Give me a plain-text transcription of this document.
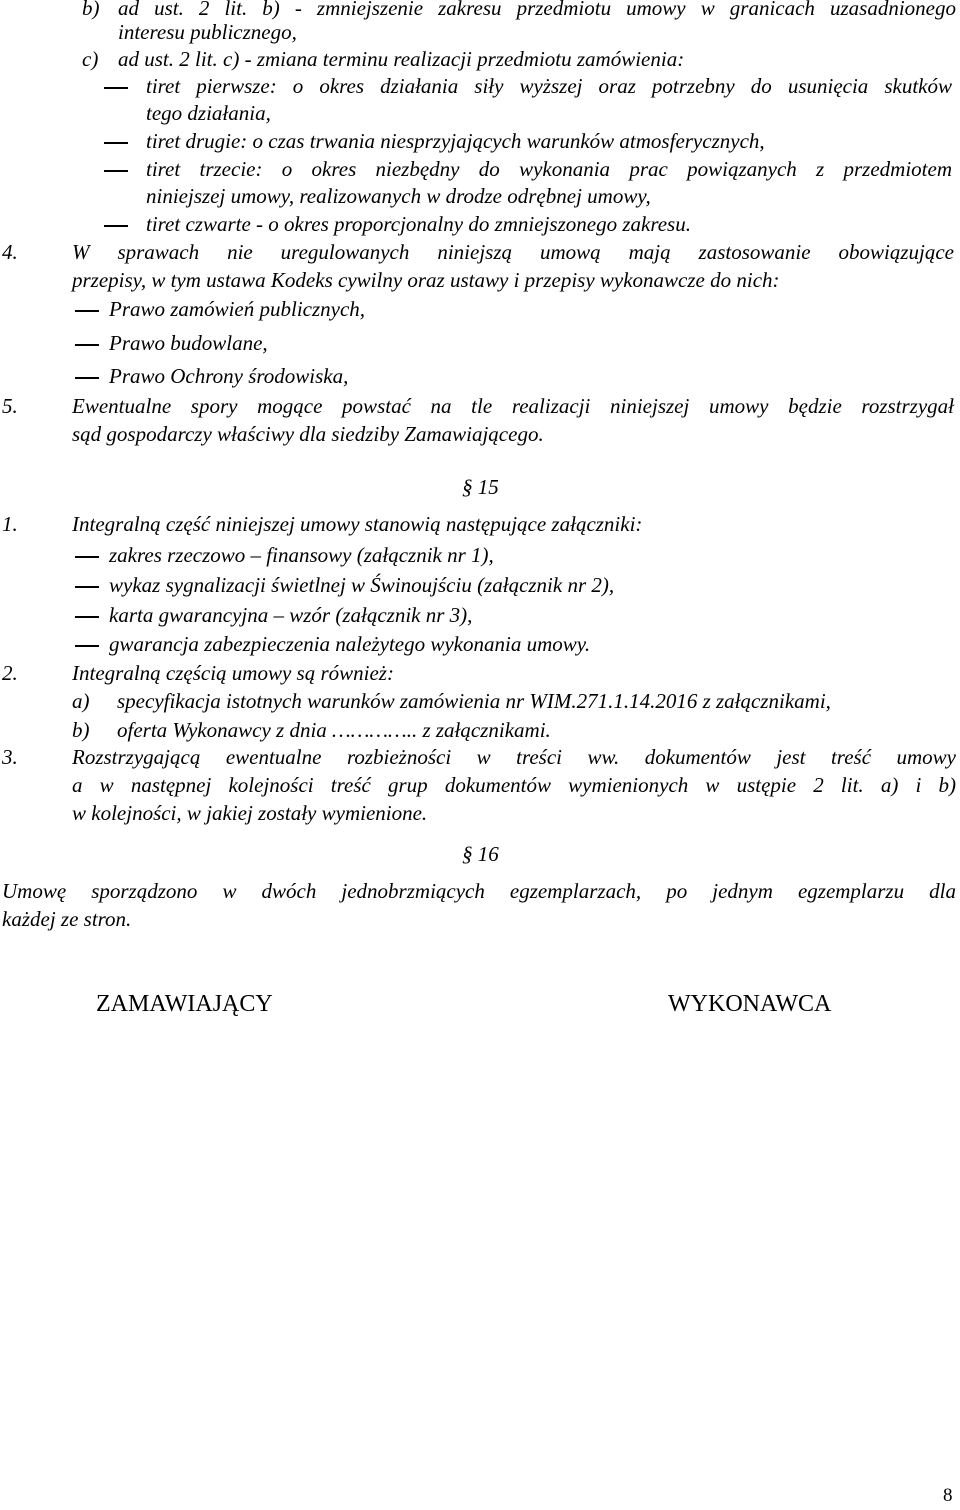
b) ad ust. 2 lit. b) - zmniejszenie zakresu przedmiotu umowy w granicach uzasadnionego
interesu publicznego,
c) ad ust. 2 lit. c) - zmiana terminu realizacji przedmiotu zamówienia:
tiret pierwsze: o okres działania siły wyższej oraz potrzebny do usunięcia skutków
tego działania,
tiret drugie: o czas trwania niesprzyjających warunków atmosferycznych,
tiret trzecie: o okres niezbędny do wykonania prac powiązanych z przedmiotem
niniejszej umowy, realizowanych w drodze odrębnej umowy,
tiret czwarte - o okres proporcjonalny do zmniejszonego zakresu.
4.	W sprawach nie uregulowanych niniejszą umową mają zastosowanie obowiązujące
przepisy, w tym ustawa Kodeks cywilny oraz ustawy i przepisy wykonawcze do nich:
Prawo zamówień publicznych,
Prawo budowlane,
Prawo Ochrony środowiska,
5.	Ewentualne spory mogące powstać na tle realizacji niniejszej umowy będzie rozstrzygał
sąd gospodarczy właściwy dla siedziby Zamawiającego.
§ 15
1.	Integralną część niniejszej umowy stanowią następujące załączniki:
zakres rzeczowo – finansowy (załącznik nr 1),
wykaz sygnalizacji świetlnej w Świnoujściu (załącznik nr 2),
karta gwarancyjna – wzór (załącznik nr 3),
gwarancja zabezpieczenia należytego wykonania umowy.
2.	Integralną częścią umowy są również:
a) specyfikacja istotnych warunków zamówienia nr WIM.271.1.14.2016 z załącznikami,
b) oferta Wykonawcy z dnia ………….. z załącznikami.
3.	Rozstrzygającą ewentualne rozbieżności w treści ww. dokumentów jest treść umowy
a w następnej kolejności treść grup dokumentów wymienionych w ustępie 2 lit. a) i b)
w kolejności, w jakiej zostały wymienione.
§ 16
Umowę sporządzono w dwóch jednobrzmiących egzemplarzach, po jednym egzemplarzu dla
każdej ze stron.
ZAMAWIAJĄCY	WYKONAWCA
8
